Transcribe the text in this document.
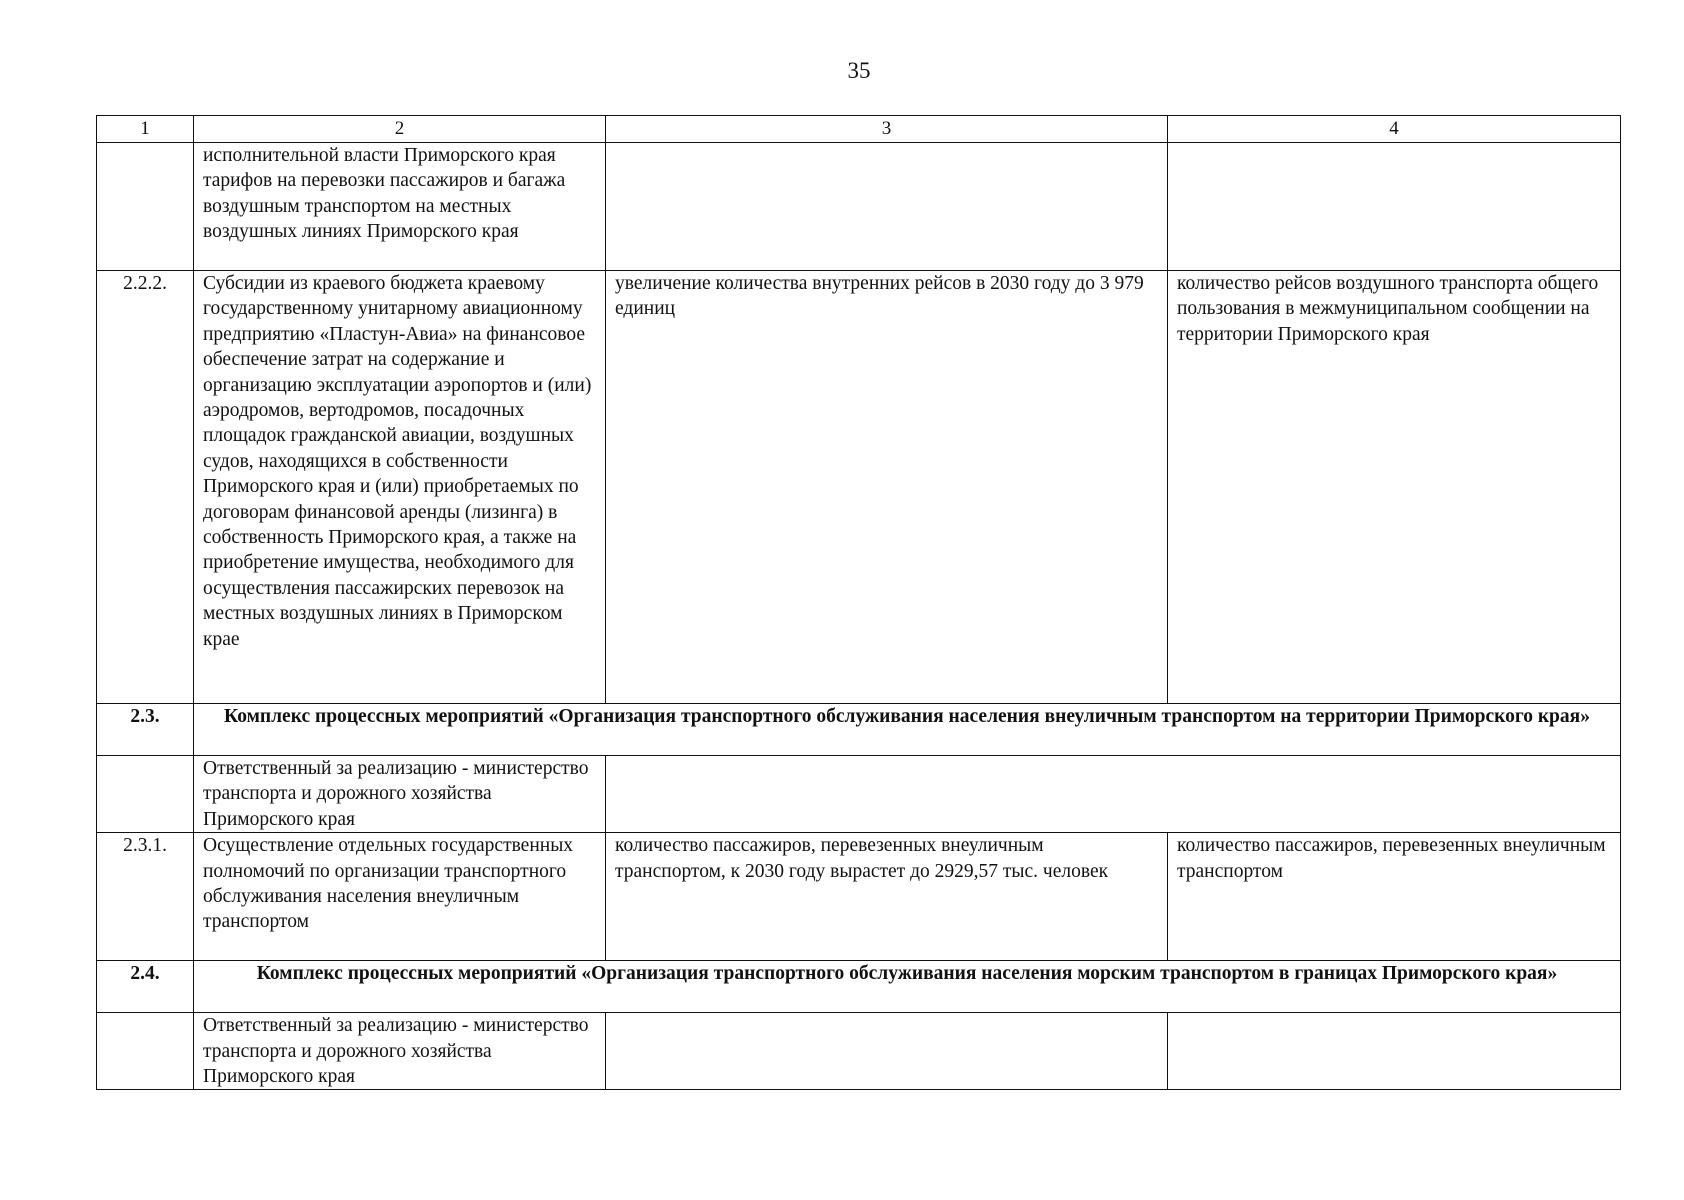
35
1	2	3	4
	исполнительной власти Приморского края тарифов на перевозки пассажиров и багажа воздушным транспортом на местных воздушных линиях Приморского края		
2.2.2.	Субсидии из краевого бюджета краевому государственному унитарному авиационному предприятию «Пластун-Авиа» на финансовое обеспечение затрат на содержание и организацию эксплуатации аэропортов и (или) аэродромов, вертодромов, посадочных площадок гражданской авиации, воздушных судов, находящихся в собственности Приморского края и (или) приобретаемых по договорам финансовой аренды (лизинга) в собственность Приморского края, а также на приобретение имущества, необходимого для осуществления пассажирских перевозок на местных воздушных линиях в Приморском крае	увеличение количества внутренних рейсов в 2030 году до 3 979 единиц	количество рейсов воздушного транспорта общего пользования в межмуниципальном сообщении на территории Приморского края
2.3.	Комплекс процессных мероприятий «Организация транспортного обслуживания населения внеуличным транспортом на территории Приморского края»		
	Ответственный за реализацию - министерство транспорта и дорожного хозяйства Приморского края		
2.3.1.	Осуществление отдельных государственных полномочий по организации транспортного обслуживания населения внеуличным транспортом	количество пассажиров, перевезенных внеуличным транспортом, к 2030 году вырастет до 2929,57 тыс. человек	количество пассажиров, перевезенных внеуличным транспортом
2.4.	Комплекс процессных мероприятий «Организация транспортного обслуживания населения морским транспортом в границах Приморского края»		
	Ответственный за реализацию - министерство транспорта и дорожного хозяйства Приморского края		
